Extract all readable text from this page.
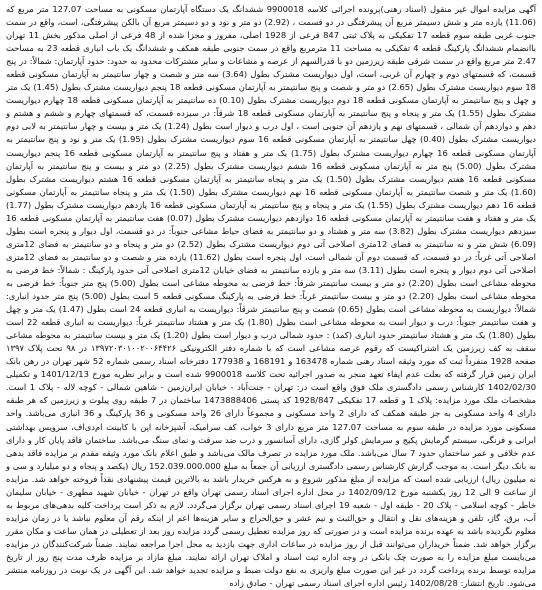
آگهی مزایده اموال غیر منقول (اسناد رهنی)پرونده اجرائی کلاسه 9900018 ششدانگ یک دستگاه آپارتمان مسکونی به مساحت 127.07 متر مربع که (11.06) یازده متر و شش دسیمتر مربع آن پیشرفتگی در دو قسمت ، (2.92) دو متر و نود و دو دسیمتر مربع آن بالکن پیشرفتگی، است، واقع در سمت جنوب غربی طبقه سوم قطعه 17 تفکیکی به پلاک ثبتی 847 فرعی از 1928 اصلی، مفروز و مجزا شده از 48 فرعی از اصلی مذکور بخش 11 تهران باانضمام ششدانگ پارکینگ قطعه 4 تفکیکی به مساحت 11 مترمربع واقع در سمت جنوبی طبقه همکف و ششدانگ یک باب انباری قطعه 23 به مساحت 2.47 متر مربع واقع در سمت شرقی طبقه زیرزمین دو با قدرالسهم از عرصه و مشاعات و سایر مشترکات محدود به حدود: حدود آپارتمان: شمالاً: در پنج قسمت، که قسمتهای دوم و چهارم آن غربی، است، اول دیواریست مشترک بطول (3.64) سه متر و شصت و چهار سانتیمتر به آپارتمان مسکونی قطعه 18 سوم دیواریست مشترک بطول (2.65) دو متر و شصت و پنج سانتیمتر به آپارتمان مسکونی قطعه 18 پنجم دیواریست مشترک بطول (1.45) یک متر و چهل و پنج سانتیمتر به آپارتمان مسکونی قطعه 18 دوم دیواریست مشترک بطول (0.10) ده سانتیمتر به آپارتمان مسکونی قطعه 18 چهارم دیواریست مشترک بطول (1.55) یک متر و پنجاه و پنج سانتیمتر به آپارتمان مسکونی قطعه 18 شرقاً: در سیزده قسمت، که قسمتهای چهارم و ششم و هشتم و دهم و دوازدهم آن شمالی ، قسمتهای نهم و یازدهم آن جنوبی است ، اول درب و دیوار است بطول (1.24) یک متر و بیست و چهار سانتیمتر به لابی دوم دیواریست مشترک بطول (0.40) چهل سانتیمتر به آپارتمان مسکونی قطعه 16 سوم دیواریست مشترک بطول (1.95) یک متر و نود و پنج سانتیمتر به آپارتمان مسکونی قطعه 16 چهارم دیواریست مشترک بطول (1.75) یک متر و هفتاد و پنج سانتیمتر به آپارتمان مسکونی قطعه 16 پنجم دیواریست مشترک بطول (5.00) پنج متر به آپارتمان مسکونی قطعه 16 ششم دیواریست مشترک بطول (2.25) دو متر و بیست و پنج سانتیمتر به آپارتمان مسکونی قطعه 16 هفتم دیواریست مشترک بطول (1.50) یک متر و پنجاه سانتیمتر به آپارتمان مسکونی قطعه 16 هشتم دیواریست مشترک بطول (1.60) یک متر و شصت سانتیمتر به آپارتمان مسکونی قطعه 16 نهم دیواریست مشترک بطول (1.50) یک متر و پنجاه سانتیمتر به آپارتمان مسکونی قطعه 16 دهم دیواریست مشترک بطول (1.55) یک متر و پنجاه و پنج سانتیمتر به آپارتمان مسکونی قطعه 16 یازدهم دیواریست مشترک بطول (1.77) یک متر و هفتاد و هفت سانتیمتر به آپارتمان مسکونی قطعه 16 دوازدهم دیواریست مشترک بطول (0.07) هفت سانتیمتر به آپارتمان مسکونی قطعه 16 سیزدهم دیواریست مشترک بطول (3.82) سه متر و هشتاد و دو سانتیمتر به فضای حیاط مشاعی جنوباً: در دو قسمت، اول دیوار و پنجره است بطول (6.09) شش متر و نه سانتیمتر به فضای 12متری اصلاحی آتی دوم دیواریست مشترک بطول (2.52) دو متر و پنجاه و دو سانتیمتر به فضای 12متری اصلاحی آتی غرباً: در دو قسمت، که قسمت دوم آن شمالی است، اول پنجره است بطول (11.62) یازده متر و شصت و دو سانتیمتر به فضای 12متری اصلاحی آتی دوم دیوار و پنجره است بطول (3.11) سه متر و یازده سانتیمتر به فضای خیابان 12متری اصلاحی آتی حدود پارکینگ : شمالاً: خط فرضی به محوطه مشاعی است بطول (2.20) دو متر و بیست سانتیمتر شرقاً: خط فرضی به محوطه مشاعی است بطول (5.00) پنج متر جنوباً: خط فرضی به محوطه مشاعی است بطول (2.20) دو متر و بیست سانتیمتر غرباً: خط فرضی به پارکینگ مسکونی قطعه 5 است بطول (5.00) پنج متر حدود انباری: شمالاً: دیواریست به محوطه مشاعی است بطول (0.65) شصت و پنج سانتیمتر شرقاً: دیواریست به انباری قطعه 24 است بطول (1.47) یک متر و چهل و هفت سانتیمتر جنوباً: درب و دیوار است به محوطه مشاعی است بطول (1.80) یک متر و هشتاد سانتیمتر غرباً: دیواریست به انباری قطعه 22 است بطول (1.80) یک متر و هشتاد سانتیمتر حدود انباری (کمد) : حدود شمالی درب و دیوار است بطول (1.20) یک متر و بیست سانتیمتر به محوطه مشاعی سقف به کف زیرزمین یک اشتراکیست که رقوم عرصه مشاعی است که با شماره دفتر الکترونیکی ۱۳۹۷۲۰۳۰۱۰۰۲۰۰۶۴۴۲۶ در ۹۸ تحت پلاک ۱۳۹۷ صفحه 1928 منفرداً ثبت که مورد وثیقه اسناد رهنی شماره 163478 و 168191 و 177938 دفترخانه اسناد رسمی شماره 52 شهر تهران در رهن بانک ایران زمین قرار گرفته که بعلت عدم ایفاء تعهد منجر به صدور اجرائیه تحت کلاسه 9900018 شده است و برابر نظریه مورخ 1401/12/13 و تکمیلی 1402/02/30 کارشناس رسمی دادگستری ملک فوق واقع است در: تهران - جنت‌آباد - خیابان ایران‌زمین - شاهین شمالی - کوچه لاله - پلاک 1 است. مشخصات ملک مورد مزایده: پلاک 1 و قطعه 17 تفکیکی 1928/847 کد پستی 1473888406 ساختمان در 7 طبقه روی پیلوت و زیرزمین که هر طبقه دارای 4 واحد مسکونی به جز طبقه همکف که دارای 2 واحد مسکونی و مجموعاً دارای 26 واحد مسکونی و 36 پارکینگ و 36 انباری می‌باشد. واحد مسکونی مورد مزایده در طبقه سوم به مساحت 127.07 متر مربع دارای 3 خواب، کف سرامیک، آشپزخانه اپن با کابینت ام‌دی‌اف، سرویس بهداشتی ایرانی و فرنگی، سیستم گرمایش پکیج و سرمایش کولر گازی، دارای آسانسور و درب ضد سرقت و نمای سنگ می‌باشد. ساختمان فاقد پایان کار و دارای عدم خلافی و عمر ساختمان حدود 7 سال می‌باشد. ملک مورد مزایده در تصرف مالک می‌باشد و طبق اعلام بانک مورد وثیقه مقدم بر مزایده فاقد بدهی به بانک دیگر است. به موجب گزارش کارشناس رسمی دادگستری ارزیابی آن جمعاً به مبلغ 152.039.000.000 ریال (یکصد و پنجاه و دو میلیارد و سی و نه میلیون ریال) ارزیابی شده است که مزایده از مبلغ مذکور شروع و به هرکس خریدار باشد به بالاترین قیمت پیشنهادی نقداً فروخته خواهد شد. مزایده از ساعت 9 الی 12 روز یکشنبه مورخ 1402/09/12 در محل اداره اجرای اسناد رسمی تهران واقع در تهران - خیابان شهید مطهری - خیابان سلیمان خاطر - کوچه اسلامی - پلاک 20 - طبقه اول - شعبه 19 اجرای اسناد رسمی تهران برگزار می‌گردد. لازم به ذکر است پرداخت کلیه بدهی‌های مربوط به آب، برق، گاز، تلفن و هزینه‌های نقل و انتقال و حق‌الثبت و نیم عشر و حق‌الحراج و سایر هزینه‌ها اعم از اینکه رقم آن معلوم نباشد یا در زمان مزایده معلوم نگردیده باشد به عهده برنده مزایده است و در صورتی که روز مزایده تعطیل رسمی گردد مزایده روز بعد از تعطیلی در همان ساعت و مکان مقرر برگزار خواهد شد. ضمناً خریداران می‌توانند قبل از روز مزایده در ساعات اداری جهت بازدید به محل اجرا مراجعه نمایند. ضمناً شرکت‌کنندگان در مزایده می‌بایست مبلغ مزایده را به صورت چک بانکی در وجه اداره ثبت اسناد و املاک تهران ارائه نمایند. مبلغ مازاد بر مزایده ظرف مدت پنج روز از تاریخ مزایده توسط برنده پرداخت گردد در غیر این صورت مبلغ واریزی به نفع دولت ضبط و مزایده تجدید خواهد شد. این آگهی در یک نوبت در روزنامه منتشر می‌شود. تاریخ انتشار: 1402/08/28 رئیس اداره اجرای اسناد رسمی تهران - صادق زاده
